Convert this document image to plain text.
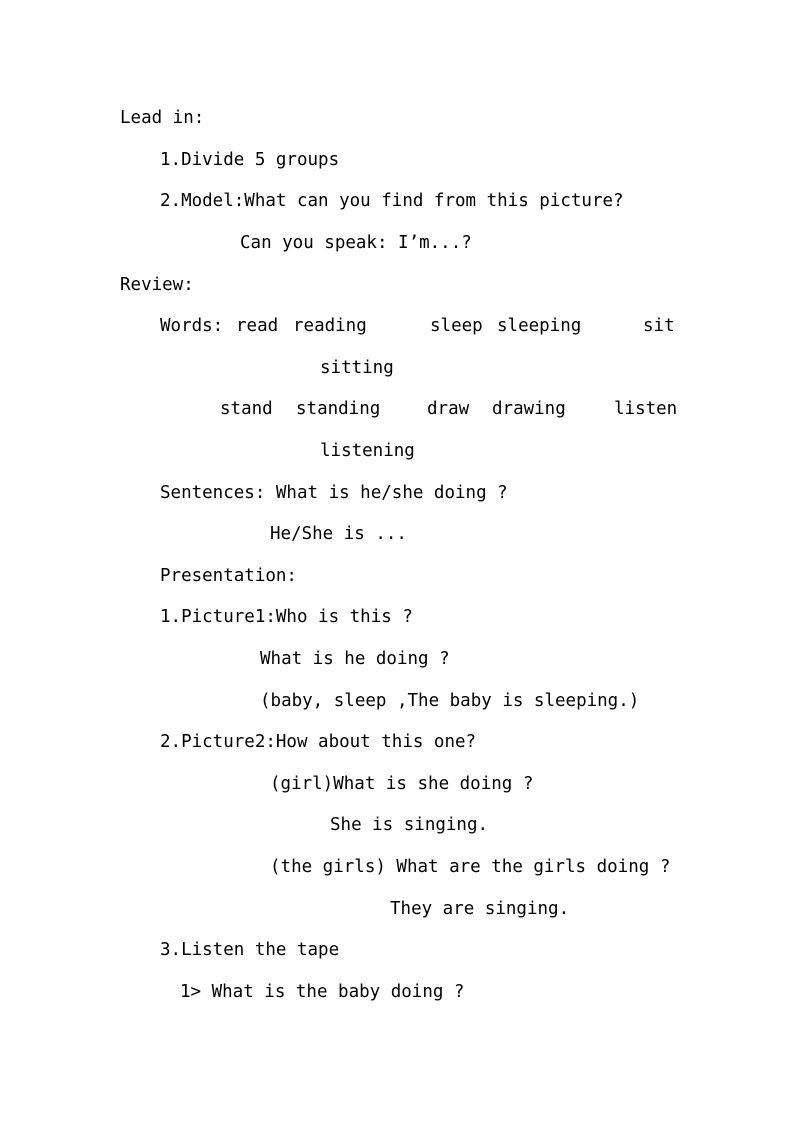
Lead in:
1.Divide 5 groups
2.Model:What can you find from this picture?
Can you speak: I’m...?
Review:
Words: read reading	sleep sleeping	sit
sitting
stand standing	draw drawing	listen
listening
Sentences: What is he/she doing ?
He/She is ...
Presentation:
1.Picture1:Who is this ?
What is he doing ?
(baby, sleep ,The baby is sleeping.)
2.Picture2:How about this one?
(girl)What is she doing ?
She is singing.
(the girls) What are the girls doing ?
They are singing.
3.Listen the tape
1> What is the baby doing ?
